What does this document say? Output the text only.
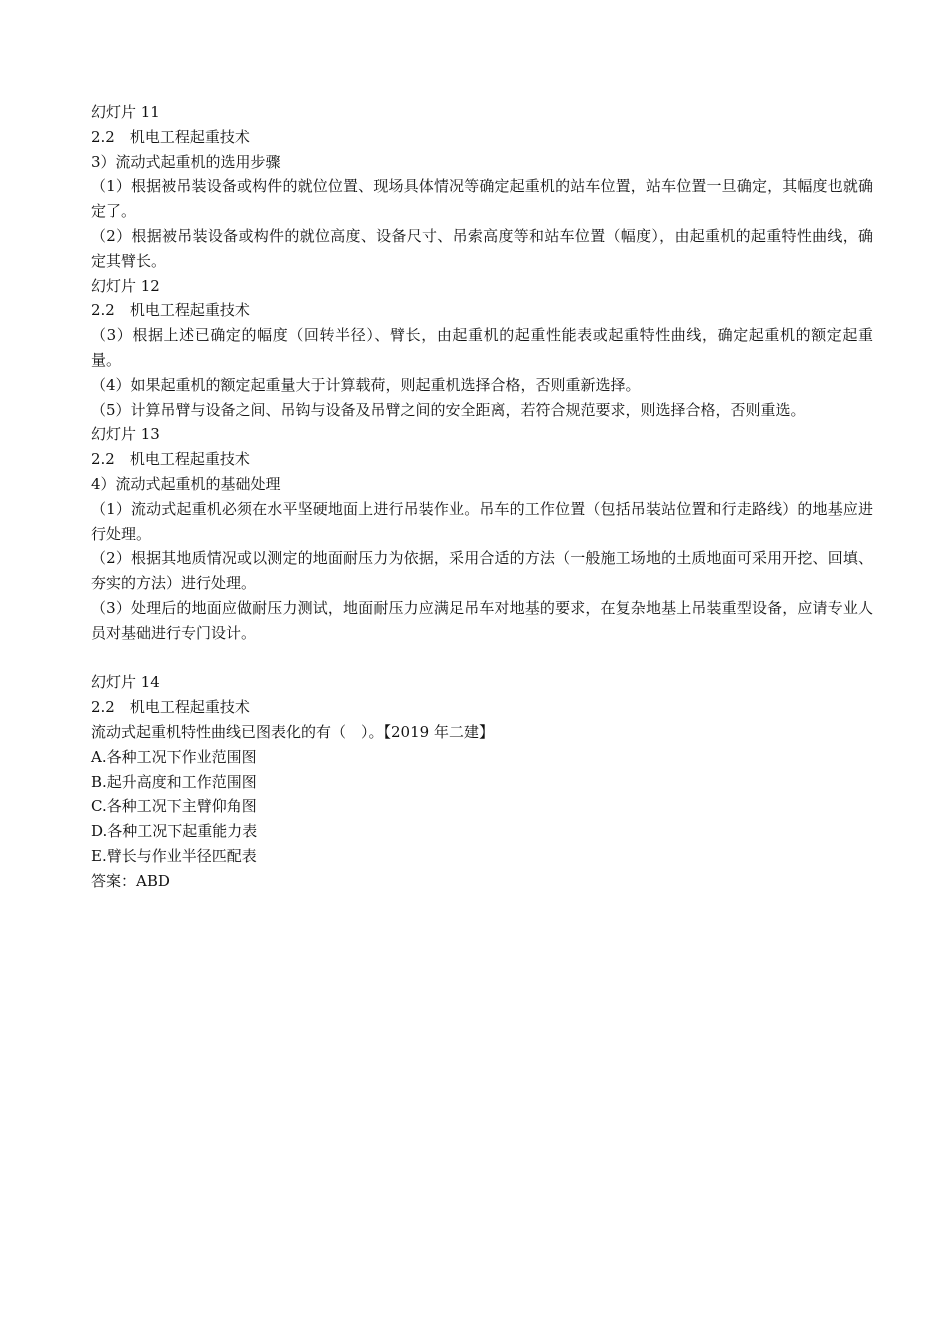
幻灯片 11
2.2　机电工程起重技术
3）流动式起重机的选用步骤
（1）根据被吊装设备或构件的就位位置、现场具体情况等确定起重机的站车位置，站车位置一旦确定，其幅度也就确定了。
（2）根据被吊装设备或构件的就位高度、设备尺寸、吊索高度等和站车位置（幅度），由起重机的起重特性曲线，确定其臂长。
幻灯片 12
2.2　机电工程起重技术
（3）根据上述已确定的幅度（回转半径）、臂长，由起重机的起重性能表或起重特性曲线，确定起重机的额定起重量。
（4）如果起重机的额定起重量大于计算载荷，则起重机选择合格，否则重新选择。
（5）计算吊臂与设备之间、吊钩与设备及吊臂之间的安全距离，若符合规范要求，则选择合格，否则重选。
幻灯片 13
2.2　机电工程起重技术
4）流动式起重机的基础处理
（1）流动式起重机必须在水平坚硬地面上进行吊装作业。吊车的工作位置（包括吊装站位置和行走路线）的地基应进行处理。
（2）根据其地质情况或以测定的地面耐压力为依据，采用合适的方法（一般施工场地的土质地面可采用开挖、回填、夯实的方法）进行处理。
（3）处理后的地面应做耐压力测试，地面耐压力应满足吊车对地基的要求，在复杂地基上吊装重型设备，应请专业人员对基础进行专门设计。
幻灯片 14
2.2　机电工程起重技术
流动式起重机特性曲线已图表化的有（　）。【2019 年二建】
A.各种工况下作业范围图
B.起升高度和工作范围图
C.各种工况下主臂仰角图
D.各种工况下起重能力表
E.臂长与作业半径匹配表
答案：ABD
